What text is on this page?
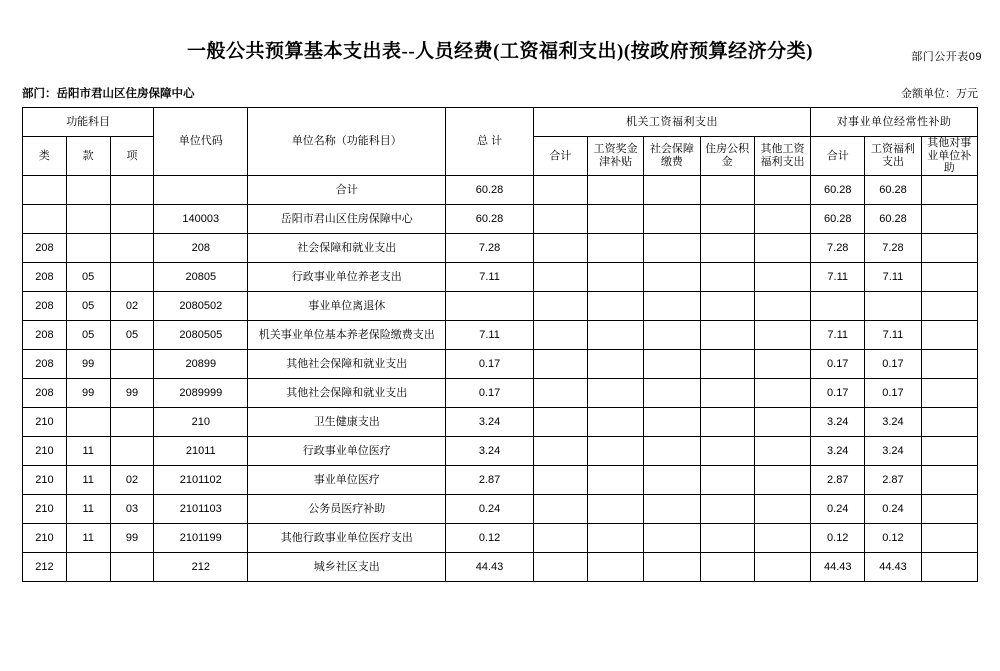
部门公开表09
一般公共预算基本支出表--人员经费(工资福利支出)(按政府预算经济分类)
部门：岳阳市君山区住房保障中心	金额单位：万元
功能科目			单位代码	单位名称（功能科目）	总 计	机关工资福利支出					对事业单位经常性补助		
						合计	工资奖金津补贴	社会保障缴费	住房公积金	其他工资福利支出	合计	工资福利支出	其他对事业单位补助
类	款	项											
				合计	60.28						60.28	60.28	
			140003	岳阳市君山区住房保障中心	60.28						60.28	60.28	
208			208	社会保障和就业支出	7.28						7.28	7.28	
208	05		20805	行政事业单位养老支出	7.11						7.11	7.11	
208	05	02	2080502	事业单位离退休									
208	05	05	2080505	机关事业单位基本养老保险缴费支出	7.11						7.11	7.11	
208	99		20899	其他社会保障和就业支出	0.17						0.17	0.17	
208	99	99	2089999	其他社会保障和就业支出	0.17						0.17	0.17	
210			210	卫生健康支出	3.24						3.24	3.24	
210	11		21011	行政事业单位医疗	3.24						3.24	3.24	
210	11	02	2101102	事业单位医疗	2.87						2.87	2.87	
210	11	03	2101103	公务员医疗补助	0.24						0.24	0.24	
210	11	99	2101199	其他行政事业单位医疗支出	0.12						0.12	0.12	
212			212	城乡社区支出	44.43						44.43	44.43	
